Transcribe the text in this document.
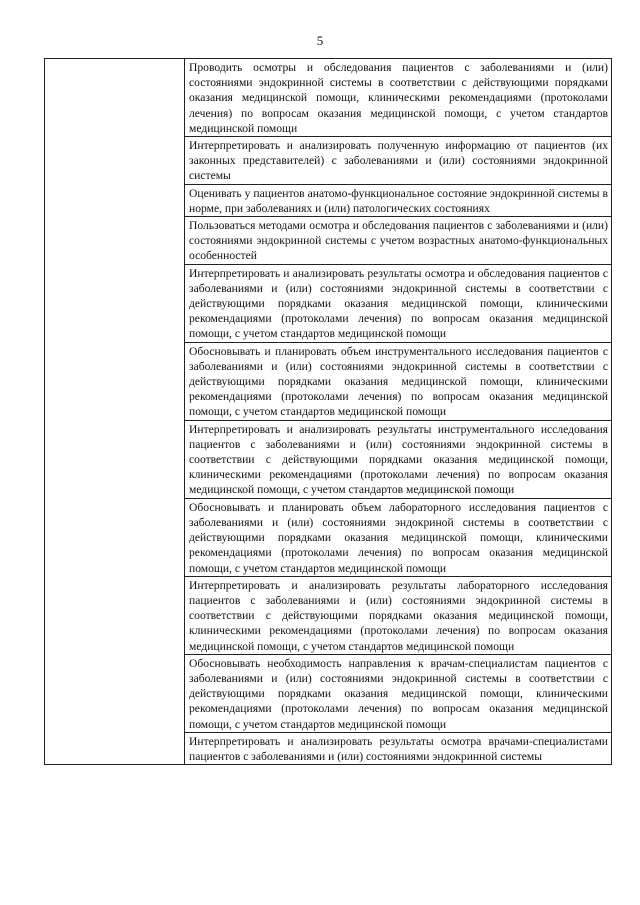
5

Проводить осмотры и обследования пациентов с заболеваниями и (или) состояниями эндокринной системы в соответствии с действующими порядками оказания медицинской помощи, клиническими рекомендациями (протоколами лечения) по вопросам оказания медицинской помощи, с учетом стандартов медицинской помощи

Интерпретировать и анализировать полученную информацию от пациентов (их законных представителей) с заболеваниями и (или) состояниями эндокринной системы

Оценивать у пациентов анатомо-функциональное состояние эндокринной системы в норме, при заболеваниях и (или) патологических состояниях

Пользоваться методами осмотра и обследования пациентов с заболеваниями и (или) состояниями эндокринной системы с учетом возрастных анатомо-функциональных особенностей

Интерпретировать и анализировать результаты осмотра и обследования пациентов с заболеваниями и (или) состояниями эндокринной системы в соответствии с действующими порядками оказания медицинской помощи, клиническими рекомендациями (протоколами лечения) по вопросам оказания медицинской помощи, с учетом стандартов медицинской помощи

Обосновывать и планировать объем инструментального исследования пациентов с заболеваниями и (или) состояниями эндокринной системы в соответствии с действующими порядками оказания медицинской помощи, клиническими рекомендациями (протоколами лечения) по вопросам оказания медицинской помощи, с учетом стандартов медицинской помощи

Интерпретировать и анализировать результаты инструментального исследования пациентов с заболеваниями и (или) состояниями эндокринной системы в соответствии с действующими порядками оказания медицинской помощи, клиническими рекомендациями (протоколами лечения) по вопросам оказания медицинской помощи, с учетом стандартов медицинской помощи

Обосновывать и планировать объем лабораторного исследования пациентов с заболеваниями и (или) состояниями эндокриной системы в соответствии с действующими порядками оказания медицинской помощи, клиническими рекомендациями (протоколами лечения) по вопросам оказания медицинской помощи, с учетом стандартов медицинской помощи

Интерпретировать и анализировать результаты лабораторного исследования пациентов с заболеваниями и (или) состояниями эндокринной системы в соответствии с действующими порядками оказания медицинской помощи, клиническими рекомендациями (протоколами лечения) по вопросам оказания медицинской помощи, с учетом стандартов медицинской помощи

Обосновывать необходимость направления к врачам-специалистам пациентов с заболеваниями и (или) состояниями эндокринной системы в соответствии с действующими порядками оказания медицинской помощи, клиническими рекомендациями (протоколами лечения) по вопросам оказания медицинской помощи, с учетом стандартов медицинской помощи

Интерпретировать и анализировать результаты осмотра врачами-специалистами пациентов с заболеваниями и (или) состояниями эндокринной системы
